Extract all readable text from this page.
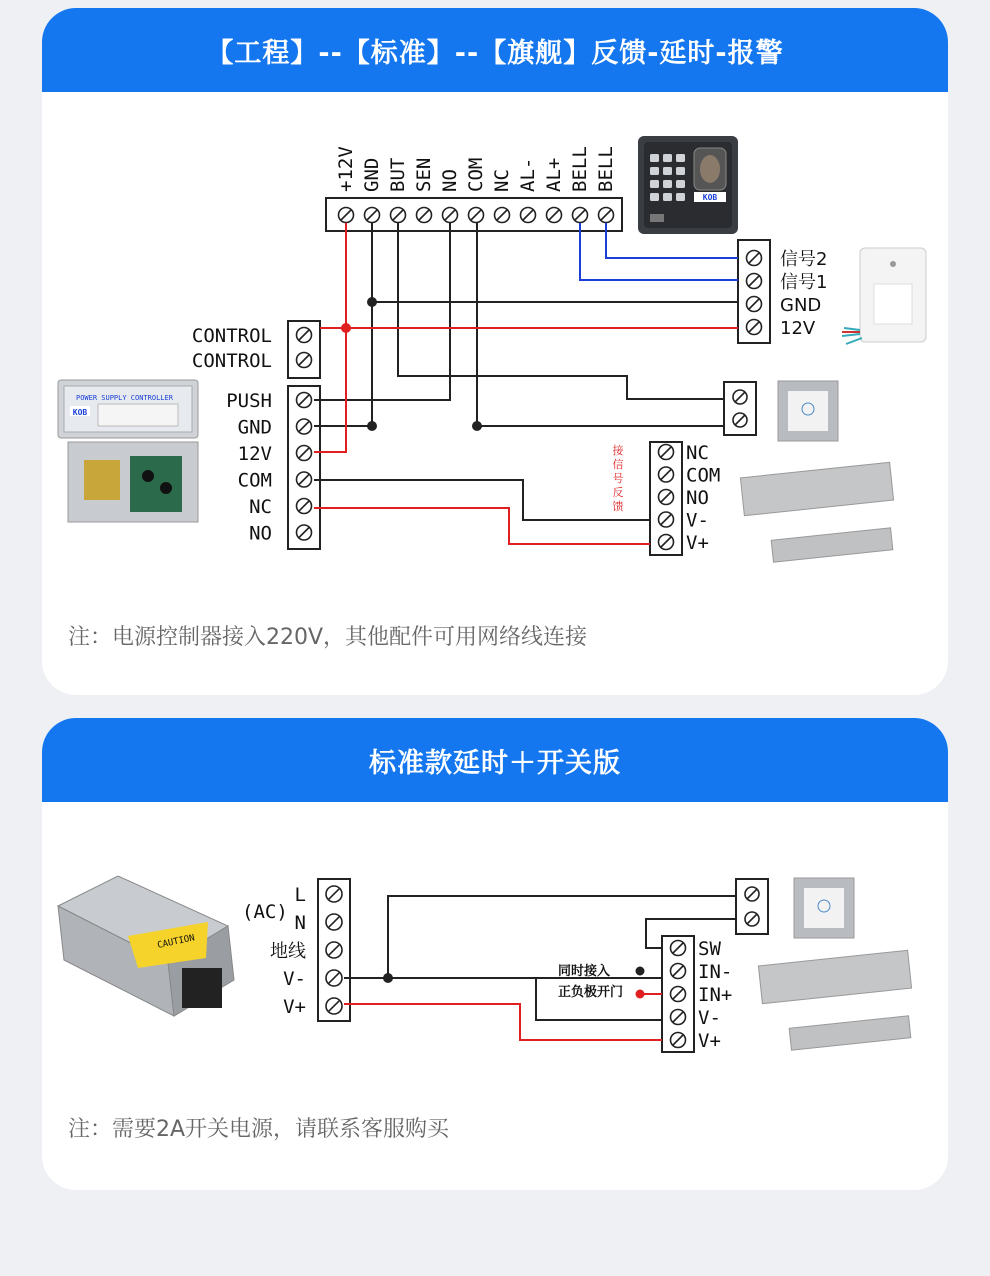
【工程】--【标准】--【旗舰】反馈-延时-报警
+12V GND BUT SEN NO COM NC AL- AL+ BELL BELL
KOB
信号2
信号1
GND
12V
POWER SUPPLY CONTROLLER
KOB
CONTROL
CONTROL
PUSH
GND
12V
COM
NC
NO
NC
COM
NO
V-
V+
接
信
号
反
馈
注：电源控制器接入220V，其他配件可用网络线连接
标准款延时＋开关版
CAUTION
L
N
地线
V-
V+
(AC)
SW
IN-
IN+
V-
V+
同时接入
正负极开门
注：需要2A开关电源，请联系客服购买
